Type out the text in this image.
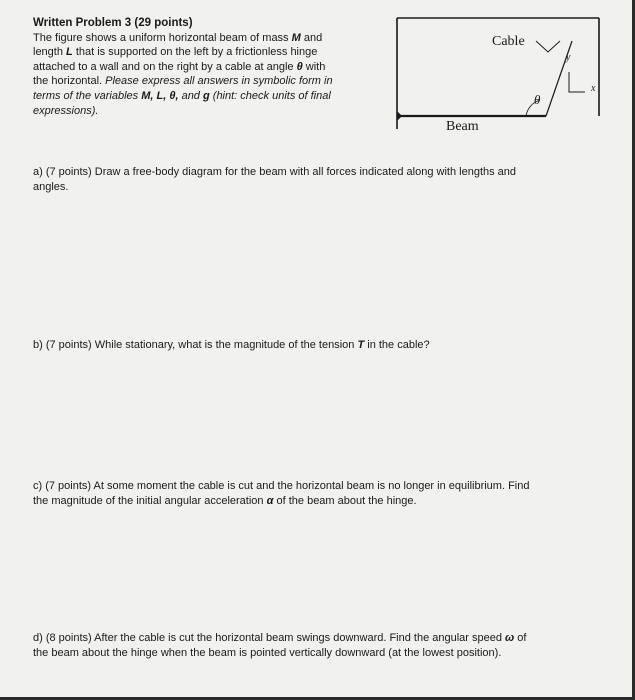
Written Problem 3 (29 points)
The figure shows a uniform horizontal beam of mass M and
length L that is supported on the left by a frictionless hinge
attached to a wall and on the right by a cable at angle θ with
the horizontal. Please express all answers in symbolic form in
terms of the variables M, L, θ, and g (hint: check units of final
expressions).
Cable
Beam
θ
y
x
a) (7 points) Draw a free-body diagram for the beam with all forces indicated along with lengths and
angles.
b) (7 points) While stationary, what is the magnitude of the tension T in the cable?
c) (7 points) At some moment the cable is cut and the horizontal beam is no longer in equilibrium. Find
the magnitude of the initial angular acceleration α of the beam about the hinge.
d) (8 points) After the cable is cut the horizontal beam swings downward. Find the angular speed ω of
the beam about the hinge when the beam is pointed vertically downward (at the lowest position).
